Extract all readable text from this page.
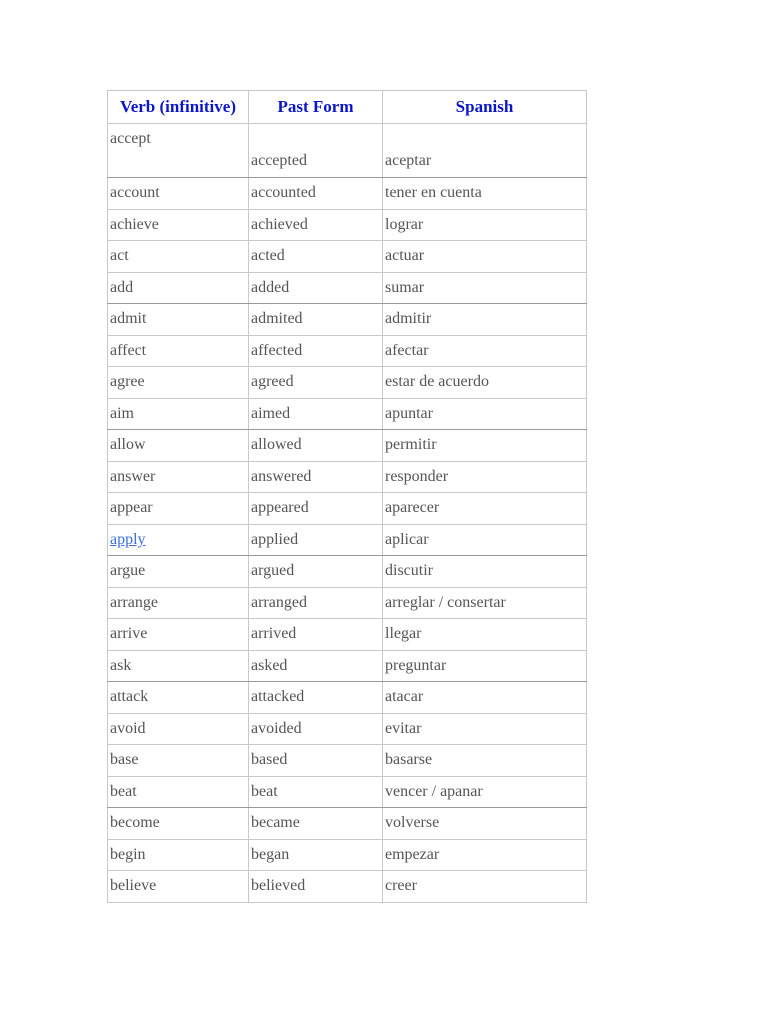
Verb (infinitive)	Past Form	Spanish
accept	accepted	aceptar
account	accounted	tener en cuenta
achieve	achieved	lograr
act	acted	actuar
add	added	sumar
admit	admited	admitir
affect	affected	afectar
agree	agreed	estar de acuerdo
aim	aimed	apuntar
allow	allowed	permitir
answer	answered	responder
appear	appeared	aparecer
apply	applied	aplicar
argue	argued	discutir
arrange	arranged	arreglar / consertar
arrive	arrived	llegar
ask	asked	preguntar
attack	attacked	atacar
avoid	avoided	evitar
base	based	basarse
beat	beat	vencer / apanar
become	became	volverse
begin	began	empezar
believe	believed	creer
